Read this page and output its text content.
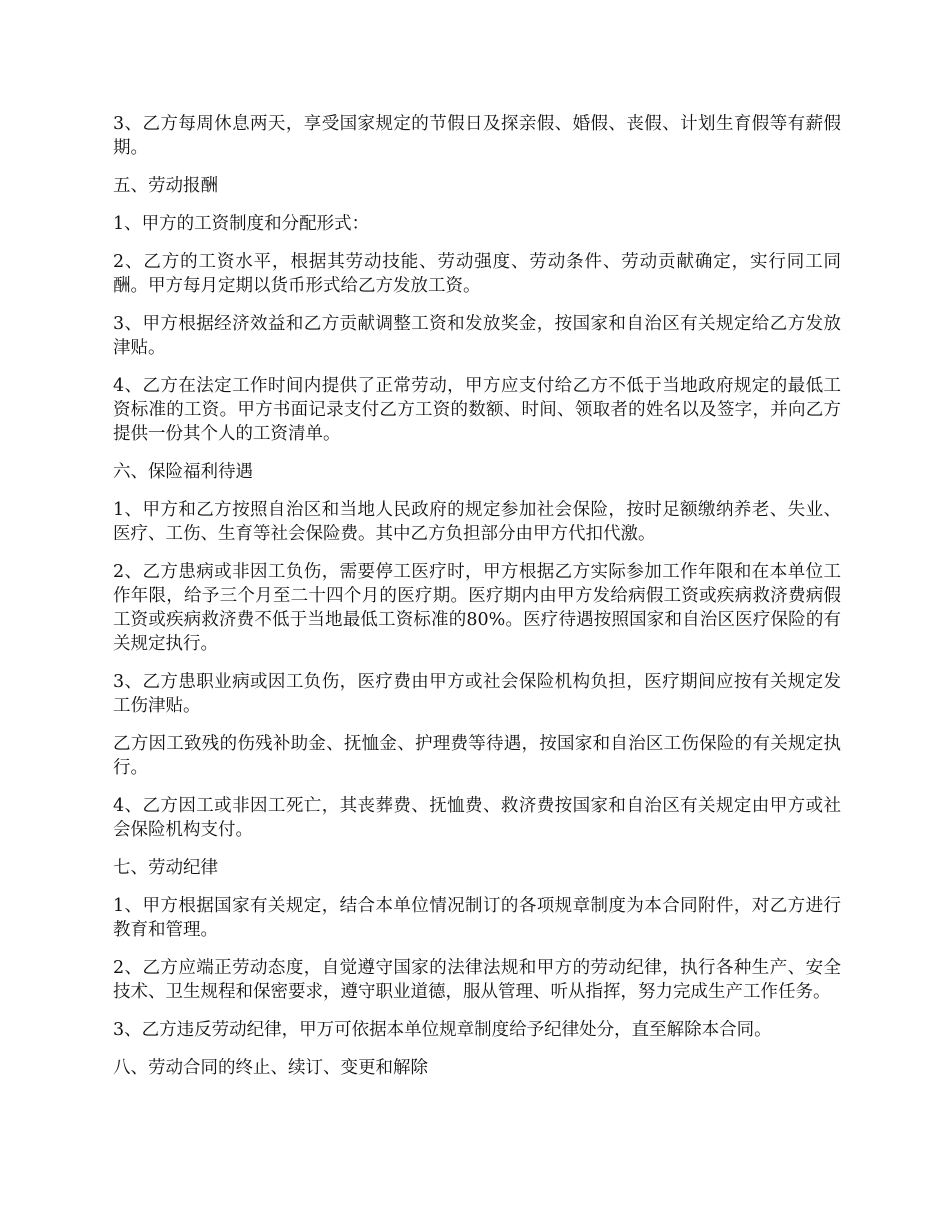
3、乙方每周休息两天，享受国家规定的节假日及探亲假、婚假、丧假、计划生育假等有薪假期。

五、劳动报酬

1、甲方的工资制度和分配形式：

2、乙方的工资水平，根据其劳动技能、劳动强度、劳动条件、劳动贡献确定，实行同工同酬。甲方每月定期以货币形式给乙方发放工资。

3、甲方根据经济效益和乙方贡献调整工资和发放奖金，按国家和自治区有关规定给乙方发放津贴。

4、乙方在法定工作时间内提供了正常劳动，甲方应支付给乙方不低于当地政府规定的最低工资标准的工资。甲方书面记录支付乙方工资的数额、时间、领取者的姓名以及签字，并向乙方提供一份其个人的工资清单。

六、保险福利待遇

1、甲方和乙方按照自治区和当地人民政府的规定参加社会保险，按时足额缴纳养老、失业、医疗、工伤、生育等社会保险费。其中乙方负担部分由甲方代扣代激。

2、乙方患病或非因工负伤，需要停工医疗时，甲方根据乙方实际参加工作年限和在本单位工作年限，给予三个月至二十四个月的医疗期。医疗期内由甲方发给病假工资或疾病救济费病假工资或疾病救济费不低于当地最低工资标准的80%。医疗待遇按照国家和自治区医疗保险的有关规定执行。

3、乙方患职业病或因工负伤，医疗费由甲方或社会保险机构负担，医疗期间应按有关规定发工伤津贴。

乙方因工致残的伤残补助金、抚恤金、护理费等待遇，按国家和自治区工伤保险的有关规定执行。

4、乙方因工或非因工死亡，其丧葬费、抚恤费、救济费按国家和自治区有关规定由甲方或社会保险机构支付。

七、劳动纪律

1、甲方根据国家有关规定，结合本单位情况制订的各项规章制度为本合同附件，对乙方进行教育和管理。

2、乙方应端正劳动态度，自觉遵守国家的法律法规和甲方的劳动纪律，执行各种生产、安全技术、卫生规程和保密要求，遵守职业道德，服从管理、听从指挥，努力完成生产工作任务。

3、乙方违反劳动纪律，甲万可依据本单位规章制度给予纪律处分，直至解除本合同。

八、劳动合同的终止、续订、变更和解除
